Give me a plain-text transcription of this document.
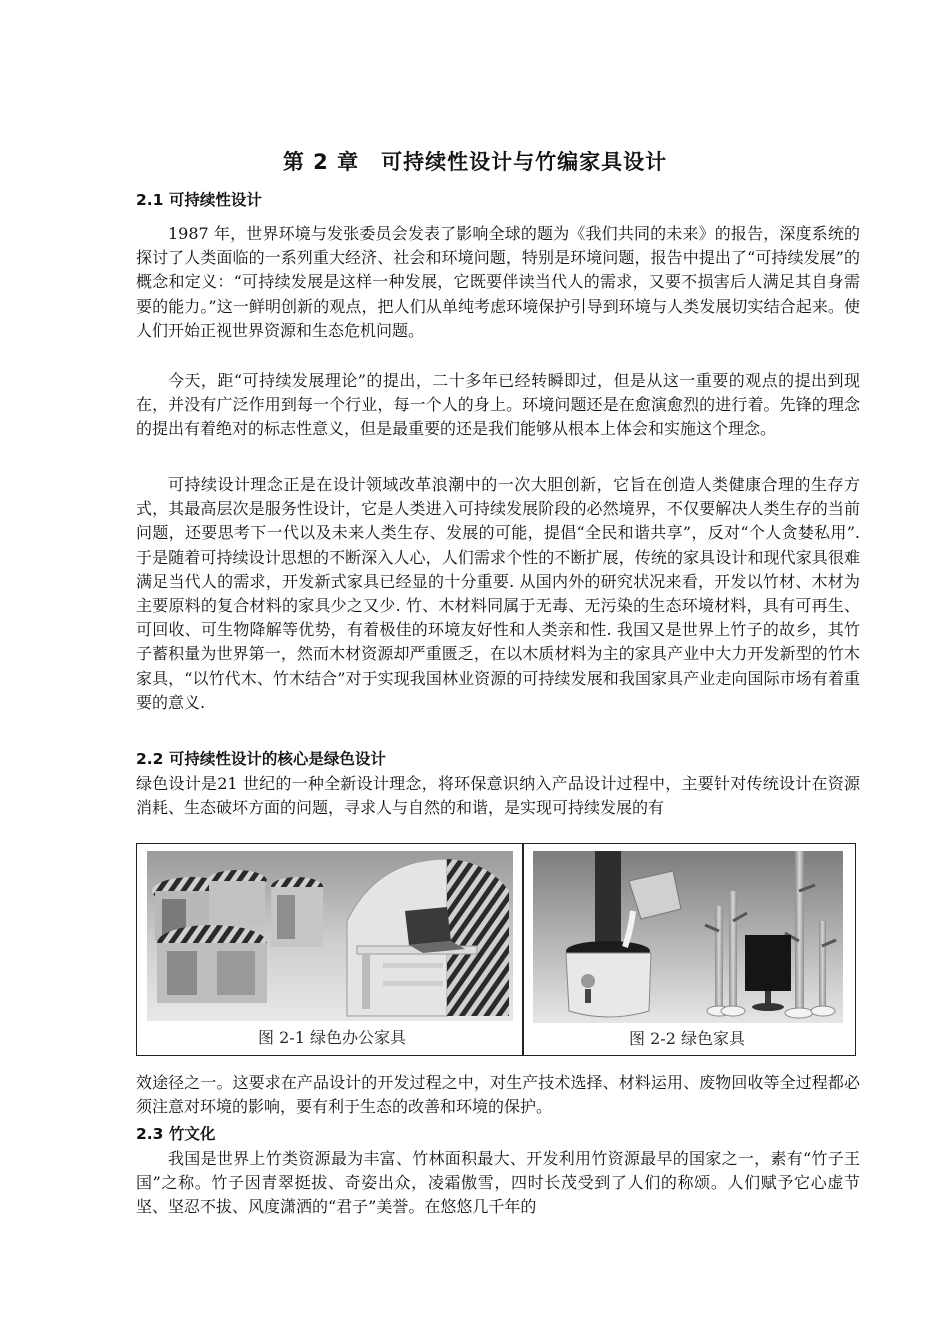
第 2 章　可持续性设计与竹编家具设计
2.1 可持续性设计

1987 年，世界环境与发张委员会发表了影响全球的题为《我们共同的未来》的报告，深度系统的探讨了人类面临的一系列重大经济、社会和环境问题，特别是环境问题，报告中提出了“可持续发展”的概念和定义：“可持续发展是这样一种发展，它既要伴读当代人的需求，又要不损害后人满足其自身需要的能力。”这一鲜明创新的观点，把人们从单纯考虑环境保护引导到环境与人类发展切实结合起来。使人们开始正视世界资源和生态危机问题。

今天，距“可持续发展理论”的提出，二十多年已经转瞬即过，但是从这一重要的观点的提出到现在，并没有广泛作用到每一个行业，每一个人的身上。环境问题还是在愈演愈烈的进行着。先锋的理念的提出有着绝对的标志性意义，但是最重要的还是我们能够从根本上体会和实施这个理念。

可持续设计理念正是在设计领域改革浪潮中的一次大胆创新，它旨在创造人类健康合理的生存方式，其最高层次是服务性设计，它是人类进入可持续发展阶段的必然境界，不仅要解决人类生存的当前问题，还要思考下一代以及未来人类生存、发展的可能，提倡“全民和谐共享”，反对“个人贪婪私用”. 于是随着可持续设计思想的不断深入人心，人们需求个性的不断扩展，传统的家具设计和现代家具很难满足当代人的需求，开发新式家具已经显的十分重要. 从国内外的研究状况来看，开发以竹材、木材为主要原料的复合材料的家具少之又少. 竹、木材料同属于无毒、无污染的生态环境材料，具有可再生、可回收、可生物降解等优势，有着极佳的环境友好性和人类亲和性. 我国又是世界上竹子的故乡，其竹子蓄积量为世界第一，然而木材资源却严重匮乏，在以木质材料为主的家具产业中大力开发新型的竹木家具，“以竹代木、竹木结合”对于实现我国林业资源的可持续发展和我国家具产业走向国际市场有着重要的意义.

2.2 可持续性设计的核心是绿色设计

绿色设计是21 世纪的一种全新设计理念，将环保意识纳入产品设计过程中，主要针对传统设计在资源消耗、生态破坏方面的问题，寻求人与自然的和谐，是实现可持续发展的有

图 2-1 绿色办公家具	图 2-2 绿色家具

效途径之一。这要求在产品设计的开发过程之中，对生产技术选择、材料运用、废物回收等全过程都必须注意对环境的影响，要有利于生态的改善和环境的保护。

2.3 竹文化

我国是世界上竹类资源最为丰富、竹林面积最大、开发利用竹资源最早的国家之一，素有“竹子王国”之称。竹子因青翠挺拔、奇姿出众，凌霜傲雪，四时长茂受到了人们的称颂。人们赋予它心虚节坚、坚忍不拔、风度潇洒的“君子”美誉。在悠悠几千年的
